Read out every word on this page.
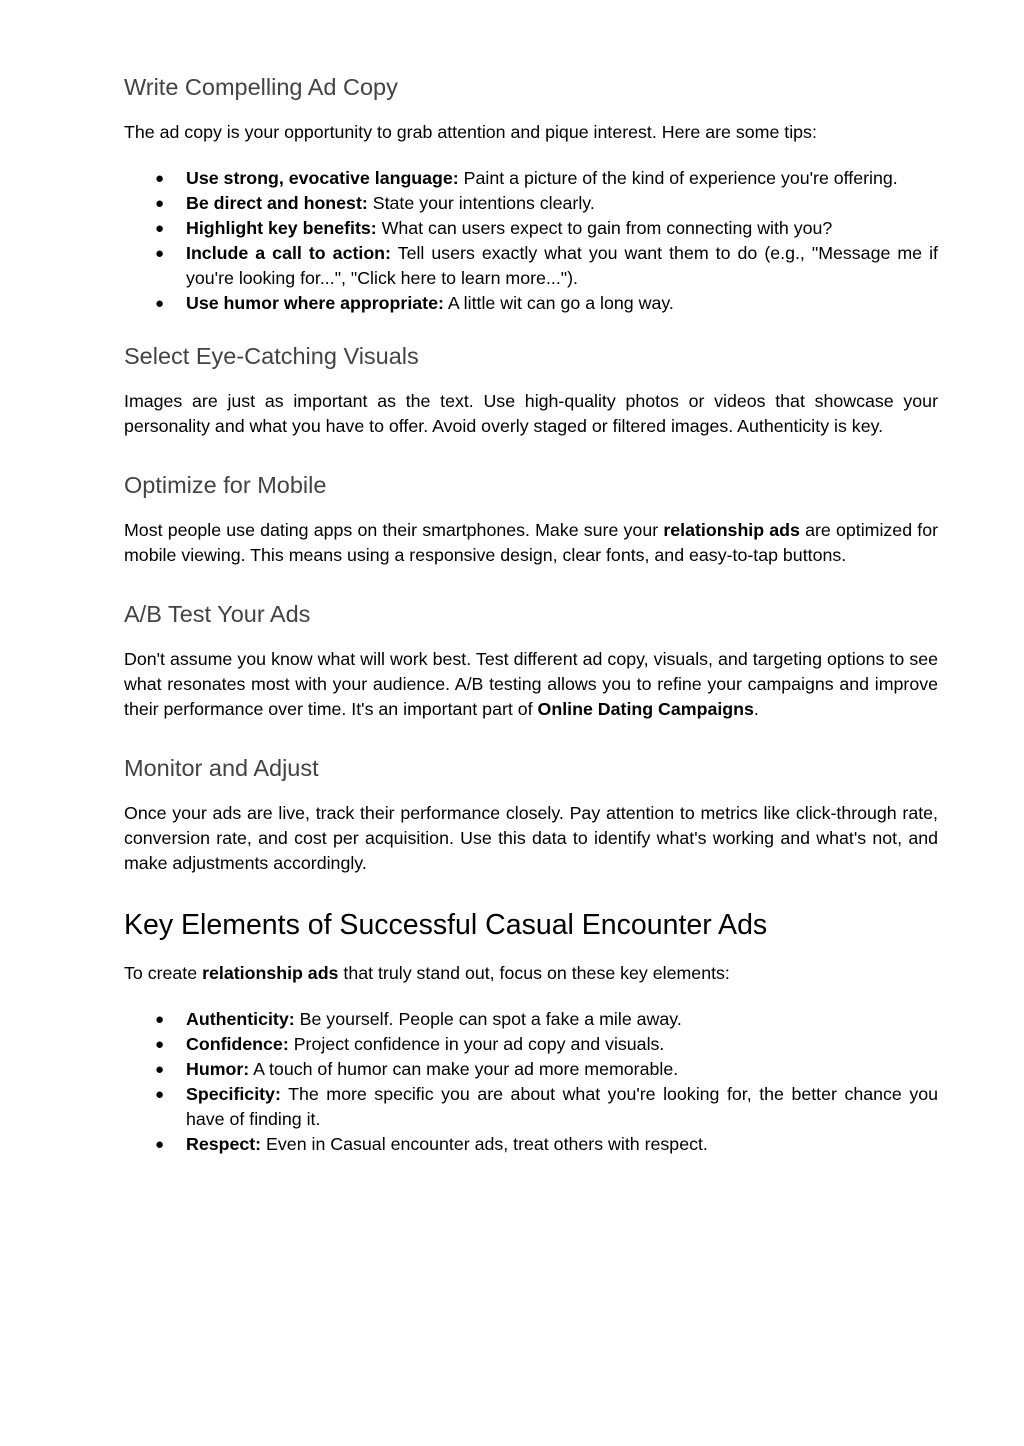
Write Compelling Ad Copy

The ad copy is your opportunity to grab attention and pique interest. Here are some tips:

● Use strong, evocative language: Paint a picture of the kind of experience you're offering.
● Be direct and honest: State your intentions clearly.
● Highlight key benefits: What can users expect to gain from connecting with you?
● Include a call to action: Tell users exactly what you want them to do (e.g., "Message me if you're looking for...", "Click here to learn more...").
● Use humor where appropriate: A little wit can go a long way.
Select Eye-Catching Visuals

Images are just as important as the text. Use high-quality photos or videos that showcase your personality and what you have to offer. Avoid overly staged or filtered images. Authenticity is key.

Optimize for Mobile

Most people use dating apps on their smartphones. Make sure your relationship ads are optimized for mobile viewing. This means using a responsive design, clear fonts, and easy-to-tap buttons.

A/B Test Your Ads

Don't assume you know what will work best. Test different ad copy, visuals, and targeting options to see what resonates most with your audience. A/B testing allows you to refine your campaigns and improve their performance over time. It's an important part of Online Dating Campaigns.

Monitor and Adjust

Once your ads are live, track their performance closely. Pay attention to metrics like click-through rate, conversion rate, and cost per acquisition. Use this data to identify what's working and what's not, and make adjustments accordingly.

Key Elements of Successful Casual Encounter Ads

To create relationship ads that truly stand out, focus on these key elements:

● Authenticity: Be yourself. People can spot a fake a mile away.
● Confidence: Project confidence in your ad copy and visuals.
● Humor: A touch of humor can make your ad more memorable.
● Specificity: The more specific you are about what you're looking for, the better chance you have of finding it.
● Respect: Even in Casual encounter ads, treat others with respect.
